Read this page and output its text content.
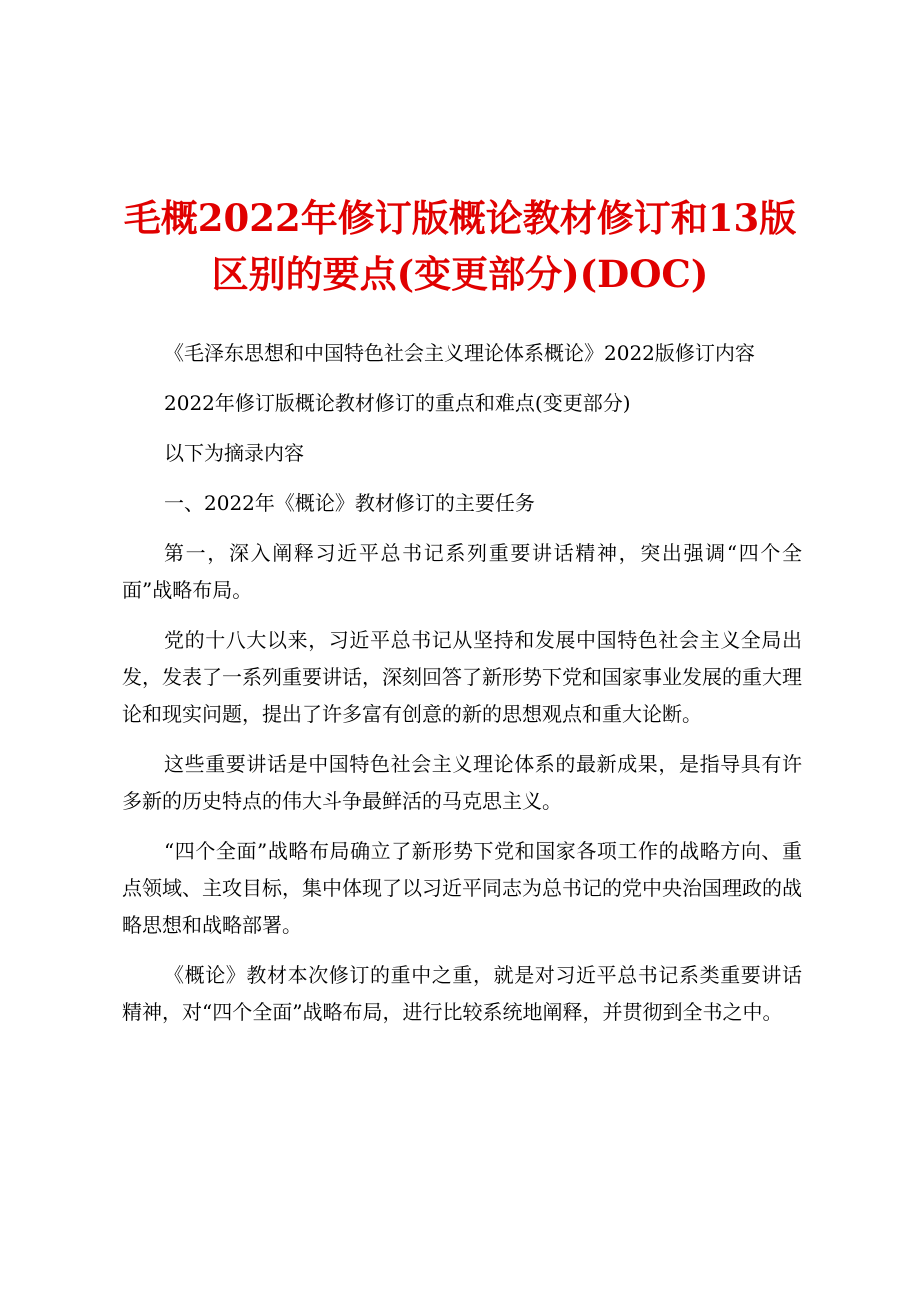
毛概2022年修订版概论教材修订和13版区别的要点(变更部分)(DOC)

《毛泽东思想和中国特色社会主义理论体系概论》2022版修订内容

2022年修订版概论教材修订的重点和难点(变更部分)

以下为摘录内容

一、2022年《概论》教材修订的主要任务

第一，深入阐释习近平总书记系列重要讲话精神，突出强调“四个全面”战略布局。

党的十八大以来，习近平总书记从坚持和发展中国特色社会主义全局出发，发表了一系列重要讲话，深刻回答了新形势下党和国家事业发展的重大理论和现实问题，提出了许多富有创意的新的思想观点和重大论断。

这些重要讲话是中国特色社会主义理论体系的最新成果，是指导具有许多新的历史特点的伟大斗争最鲜活的马克思主义。

“四个全面”战略布局确立了新形势下党和国家各项工作的战略方向、重点领域、主攻目标，集中体现了以习近平同志为总书记的党中央治国理政的战略思想和战略部署。

《概论》教材本次修订的重中之重，就是对习近平总书记系类重要讲话精神，对“四个全面”战略布局，进行比较系统地阐释，并贯彻到全书之中。
